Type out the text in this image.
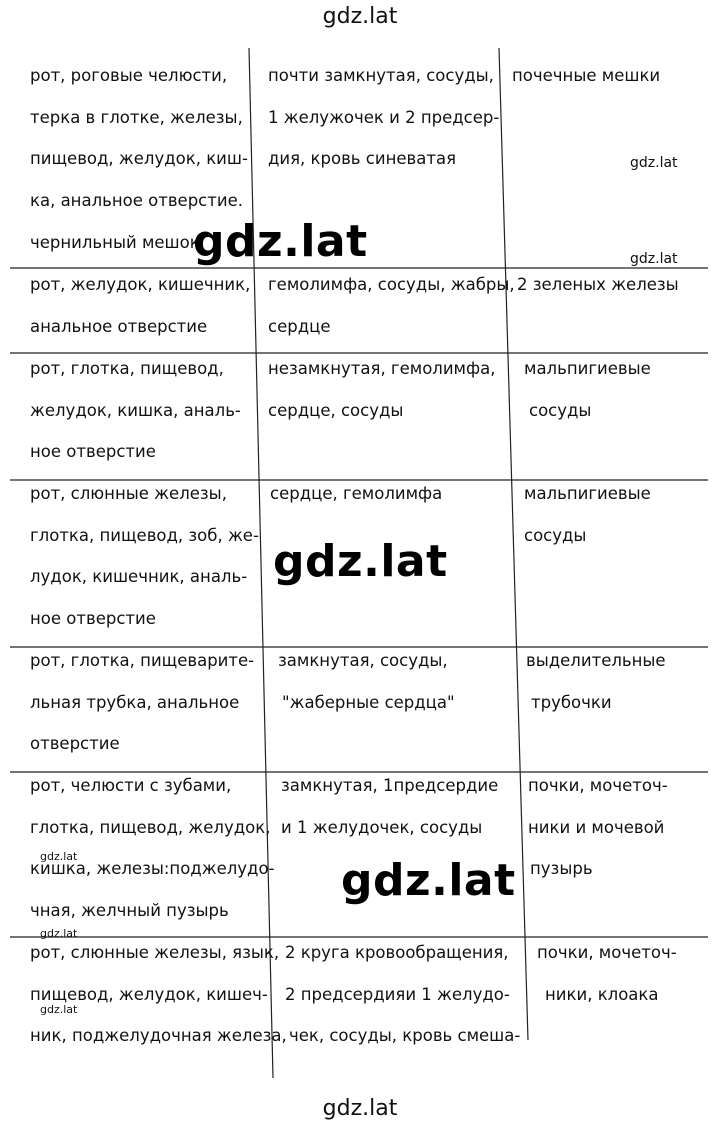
gdz.lat
gdz.lat
рот, роговые челюсти,
терка в глотке, железы,
пищевод, желудок, киш-
ка, анальное отверстие.
чернильный мешок
почти замкнутая, сосуды,
1 желужочек и 2 предсер-
дия, кровь синеватая
почечные мешки
рот, желудок, кишечник,
анальное отверстие
гемолимфа, сосуды, жабры,
сердце
2 зеленых железы
рот, глотка, пищевод,
желудок, кишка, аналь-
ное отверстие
незамкнутая, гемолимфа,
сердце, сосуды
мальпигиевые
сосуды
рот, слюнные железы,
глотка, пищевод, зоб, же-
лудок, кишечник, аналь-
ное отверстие
сердце, гемолимфа	мальпигиевые
сосуды
рот, глотка, пищеварите-
льная трубка, анальное
отверстие
замкнутая, сосуды,
"жаберные сердца"
выделительные
трубочки
рот, челюсти с зубами,
глотка, пищевод, желудок,
кишка, железы:поджелудо-
чная, желчный пузырь
замкнутая, 1предсердие
и 1 желудочек, сосуды
почки, мочеточ-
ники и мочевой
пузырь
рот, слюнные железы, язык,
пищевод, желудок, кишеч-
ник, поджелудочная железа,
2 круга кровообращения,
2 предсердияи 1 желудо-
чек, сосуды, кровь смеша-
почки, мочеточ-
ники, клоака
gdz.lat
gdz.lat
gdz.lat
gdz.lat
gdz.lat
gdz.lat
gdz.lat
gdz.lat
